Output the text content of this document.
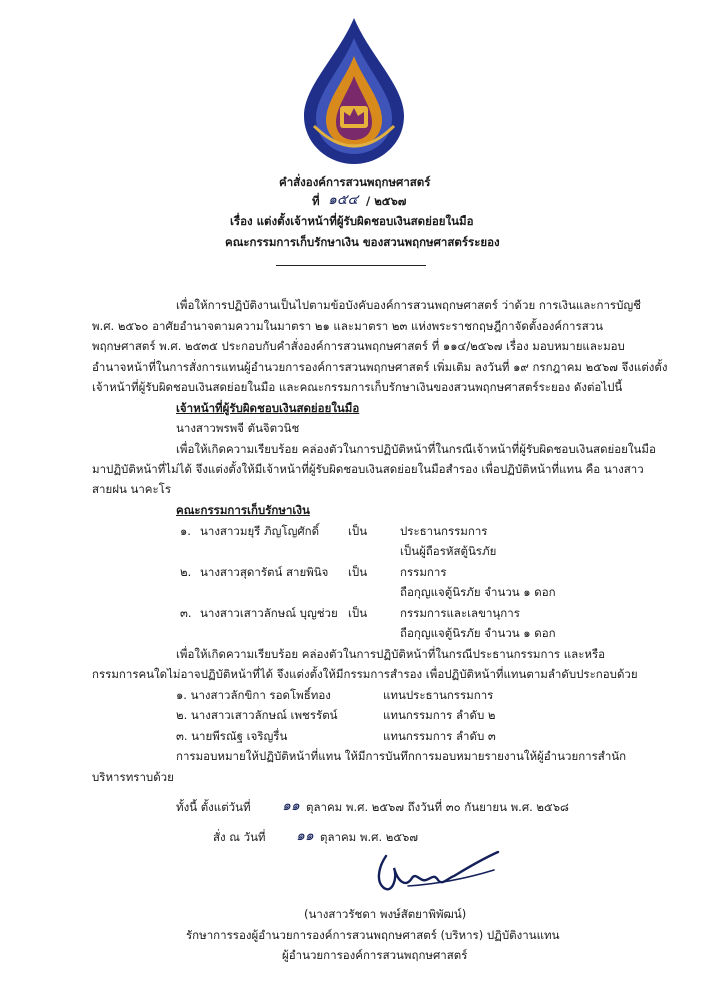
คำสั่งองค์การสวนพฤกษศาสตร์
ที่ ๑๕๔ / ๒๕๖๗
เรื่อง แต่งตั้งเจ้าหน้าที่ผู้รับผิดชอบเงินสดย่อยในมือ
คณะกรรมการเก็บรักษาเงิน ของสวนพฤกษศาสตร์ระยอง
เพื่อให้การปฏิบัติงานเป็นไปตามข้อบังคับองค์การสวนพฤกษศาสตร์ ว่าด้วย การเงินและการบัญชี
พ.ศ. ๒๕๖๐ อาศัยอำนาจตามความในมาตรา ๒๑ และมาตรา ๒๓ แห่งพระราชกฤษฎีกาจัดตั้งองค์การสวน
พฤกษศาสตร์ พ.ศ. ๒๕๓๕ ประกอบกับคำสั่งองค์การสวนพฤกษศาสตร์ ที่ ๑๑๔/๒๕๖๗ เรื่อง มอบหมายและมอบ
อำนาจหน้าที่ในการสั่งการแทนผู้อำนวยการองค์การสวนพฤกษศาสตร์ เพิ่มเติม ลงวันที่ ๑๙ กรกฎาคม ๒๕๖๗ จึงแต่งตั้ง
เจ้าหน้าที่ผู้รับผิดชอบเงินสดย่อยในมือ และคณะกรรมการเก็บรักษาเงินของสวนพฤกษศาสตร์ระยอง ดังต่อไปนี้
เจ้าหน้าที่ผู้รับผิดชอบเงินสดย่อยในมือ
นางสาวพรพจี ตันจิตวนิช
เพื่อให้เกิดความเรียบร้อย คล่องตัวในการปฏิบัติหน้าที่ในกรณีเจ้าหน้าที่ผู้รับผิดชอบเงินสดย่อยในมือ
มาปฏิบัติหน้าที่ไม่ได้ จึงแต่งตั้งให้มีเจ้าหน้าที่ผู้รับผิดชอบเงินสดย่อยในมือสำรอง เพื่อปฏิบัติหน้าที่แทน คือ นางสาว
สายฝน นาคะโร
คณะกรรมการเก็บรักษาเงิน
๑. นางสาวมยุรี ภิญโญศักดิ์	เป็น	ประธานกรรมการ
เป็นผู้ถือรหัสตู้นิรภัย
๒. นางสาวสุดารัตน์ สายพินิจ เป็น	กรรมการ
ถือกุญแจตู้นิรภัย จำนวน ๑ ดอก
๓. นางสาวเสาวลักษณ์ บุญช่วย เป็น	กรรมการและเลขานุการ
ถือกุญแจตู้นิรภัย จำนวน ๑ ดอก
เพื่อให้เกิดความเรียบร้อย คล่องตัวในการปฏิบัติหน้าที่ในกรณีประธานกรรมการ และหรือ
กรรมการคนใดไม่อาจปฏิบัติหน้าที่ได้ จึงแต่งตั้งให้มีกรรมการสำรอง เพื่อปฏิบัติหน้าที่แทนตามลำดับประกอบด้วย
๑. นางสาวลักขิกา รอดโพธิ์ทอง	แทนประธานกรรมการ
๒. นางสาวเสาวลักษณ์ เพชรรัตน์	แทนกรรมการ ลำดับ ๒
๓. นายพีรณัฐ เจริญรื่น	แทนกรรมการ ลำดับ ๓
การมอบหมายให้ปฏิบัติหน้าที่แทน ให้มีการบันทึกการมอบหมายรายงานให้ผู้อำนวยการสำนัก
บริหารทราบด้วย
ทั้งนี้ ตั้งแต่วันที่ ๑๑ ตุลาคม พ.ศ. ๒๕๖๗ ถึงวันที่ ๓๐ กันยายน พ.ศ. ๒๕๖๘
สั่ง ณ วันที่ ๑๑ ตุลาคม พ.ศ. ๒๕๖๗
(นางสาวรัชดา พงษ์สัตยาพิพัฒน์)
รักษาการรองผู้อำนวยการองค์การสวนพฤกษศาสตร์ (บริหาร) ปฏิบัติงานแทน
ผู้อำนวยการองค์การสวนพฤกษศาสตร์
